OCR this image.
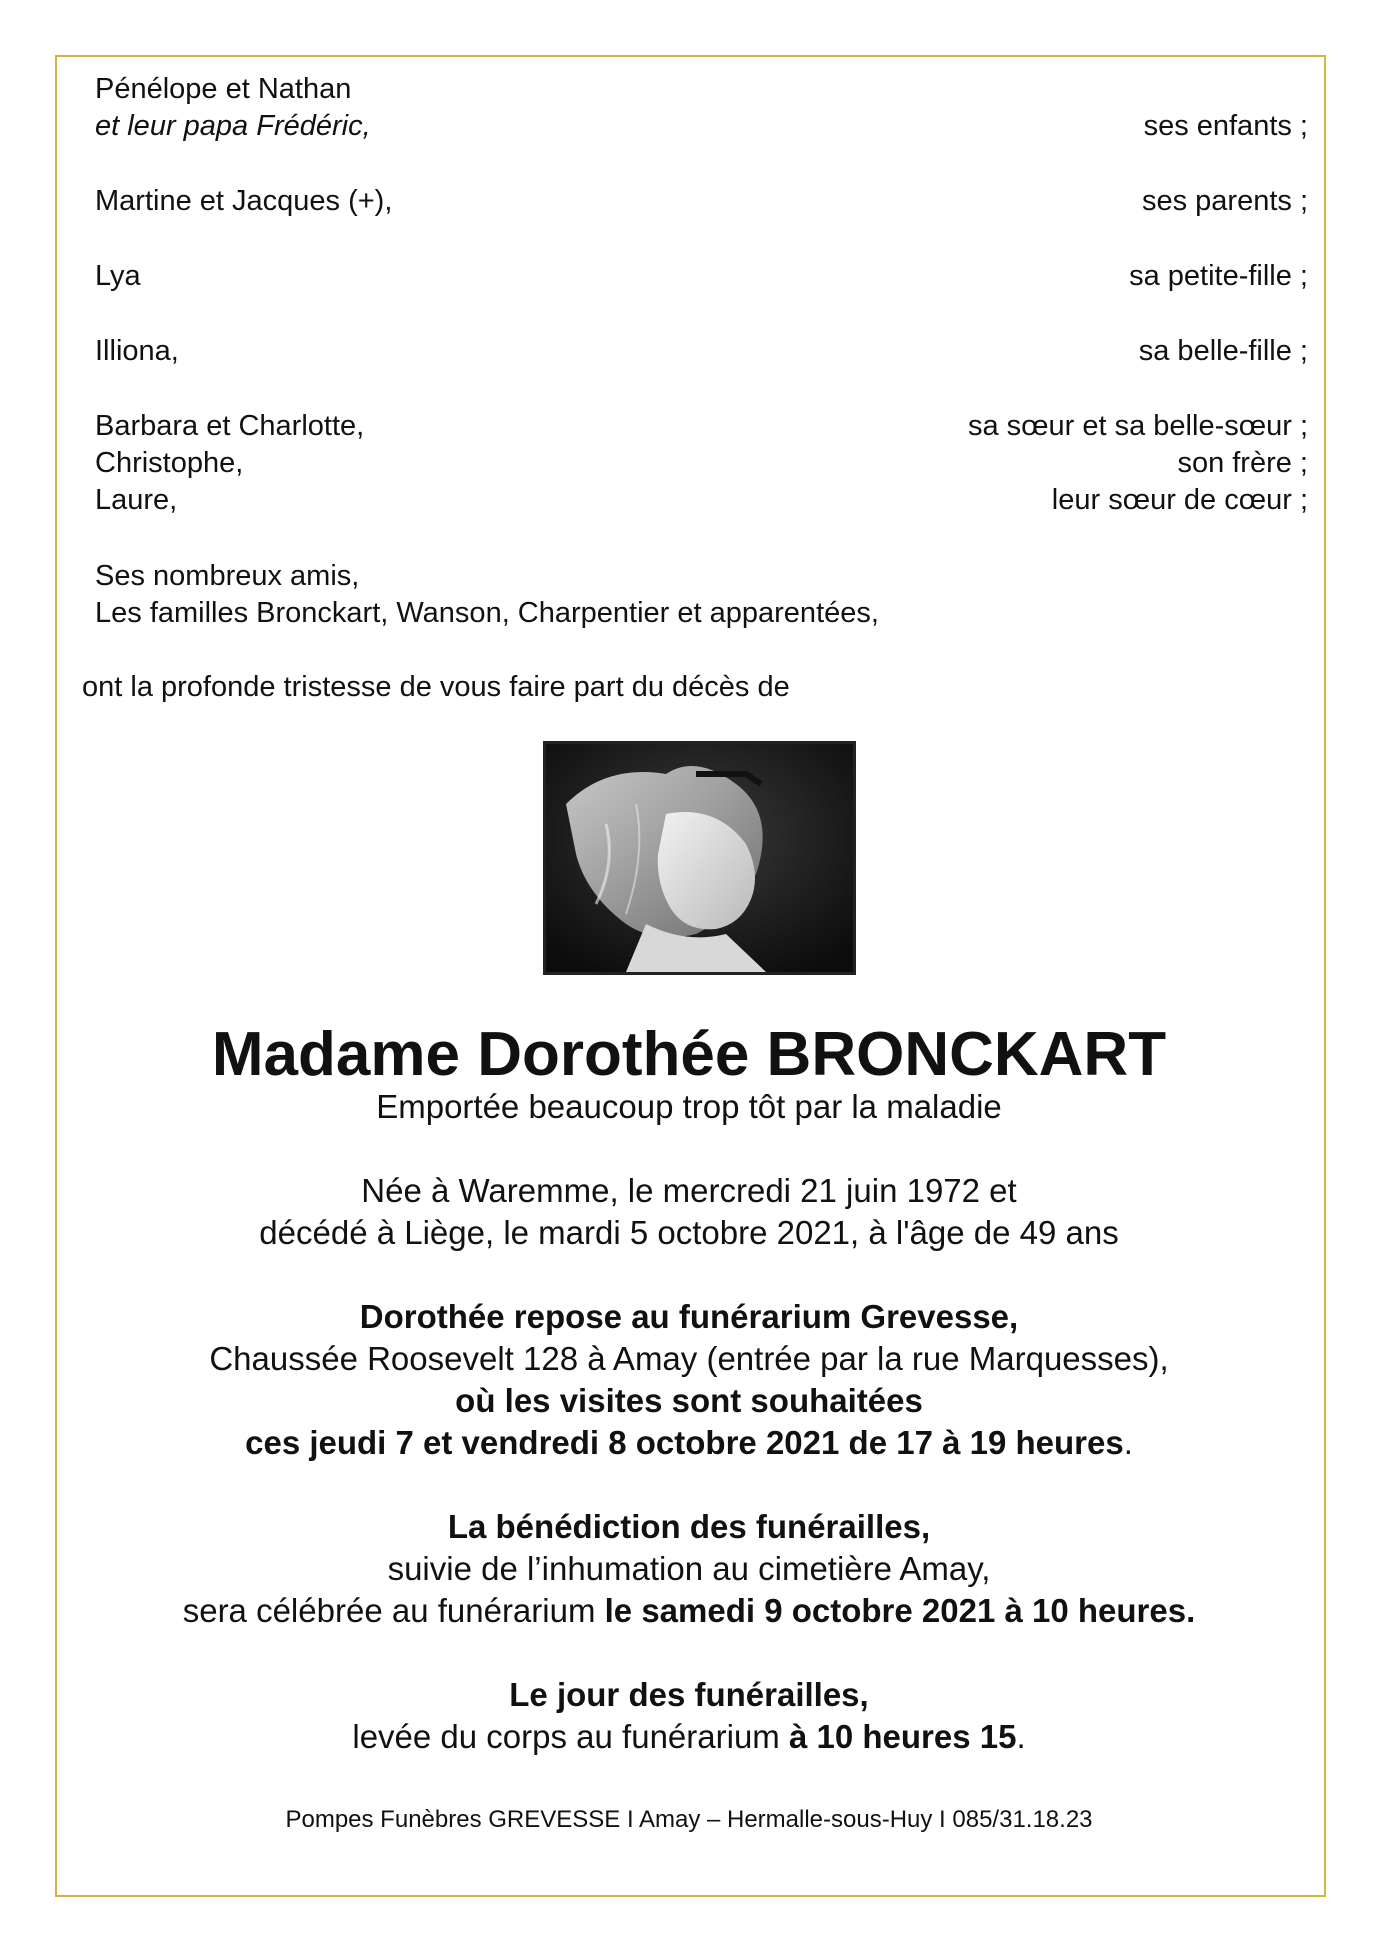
Pénélope et Nathan
et leur papa Frédéric,	ses enfants ;
Martine et Jacques (+),	ses parents ;
Lya	sa petite-fille ;
Illiona,	sa belle-fille ;
Barbara et Charlotte,	sa sœur et sa belle-sœur ;
Christophe,	son frère ;
Laure,	leur sœur de cœur ;
Ses nombreux amis,
Les familles Bronckart, Wanson, Charpentier et apparentées,
ont la profonde tristesse de vous faire part du décès de
Madame Dorothée BRONCKART
Emportée beaucoup trop tôt par la maladie
Née à Waremme, le mercredi 21 juin 1972 et
décédé à Liège, le mardi 5 octobre 2021, à l'âge de 49 ans
Dorothée repose au funérarium Grevesse,
Chaussée Roosevelt 128 à Amay (entrée par la rue Marquesses),
où les visites sont souhaitées
ces jeudi 7 et vendredi 8 octobre 2021 de 17 à 19 heures.
La bénédiction des funérailles,
suivie de l’inhumation au cimetière Amay,
sera célébrée au funérarium le samedi 9 octobre 2021 à 10 heures.
Le jour des funérailles,
levée du corps au funérarium à 10 heures 15.
Pompes Funèbres GREVESSE I Amay – Hermalle-sous-Huy I 085/31.18.23
